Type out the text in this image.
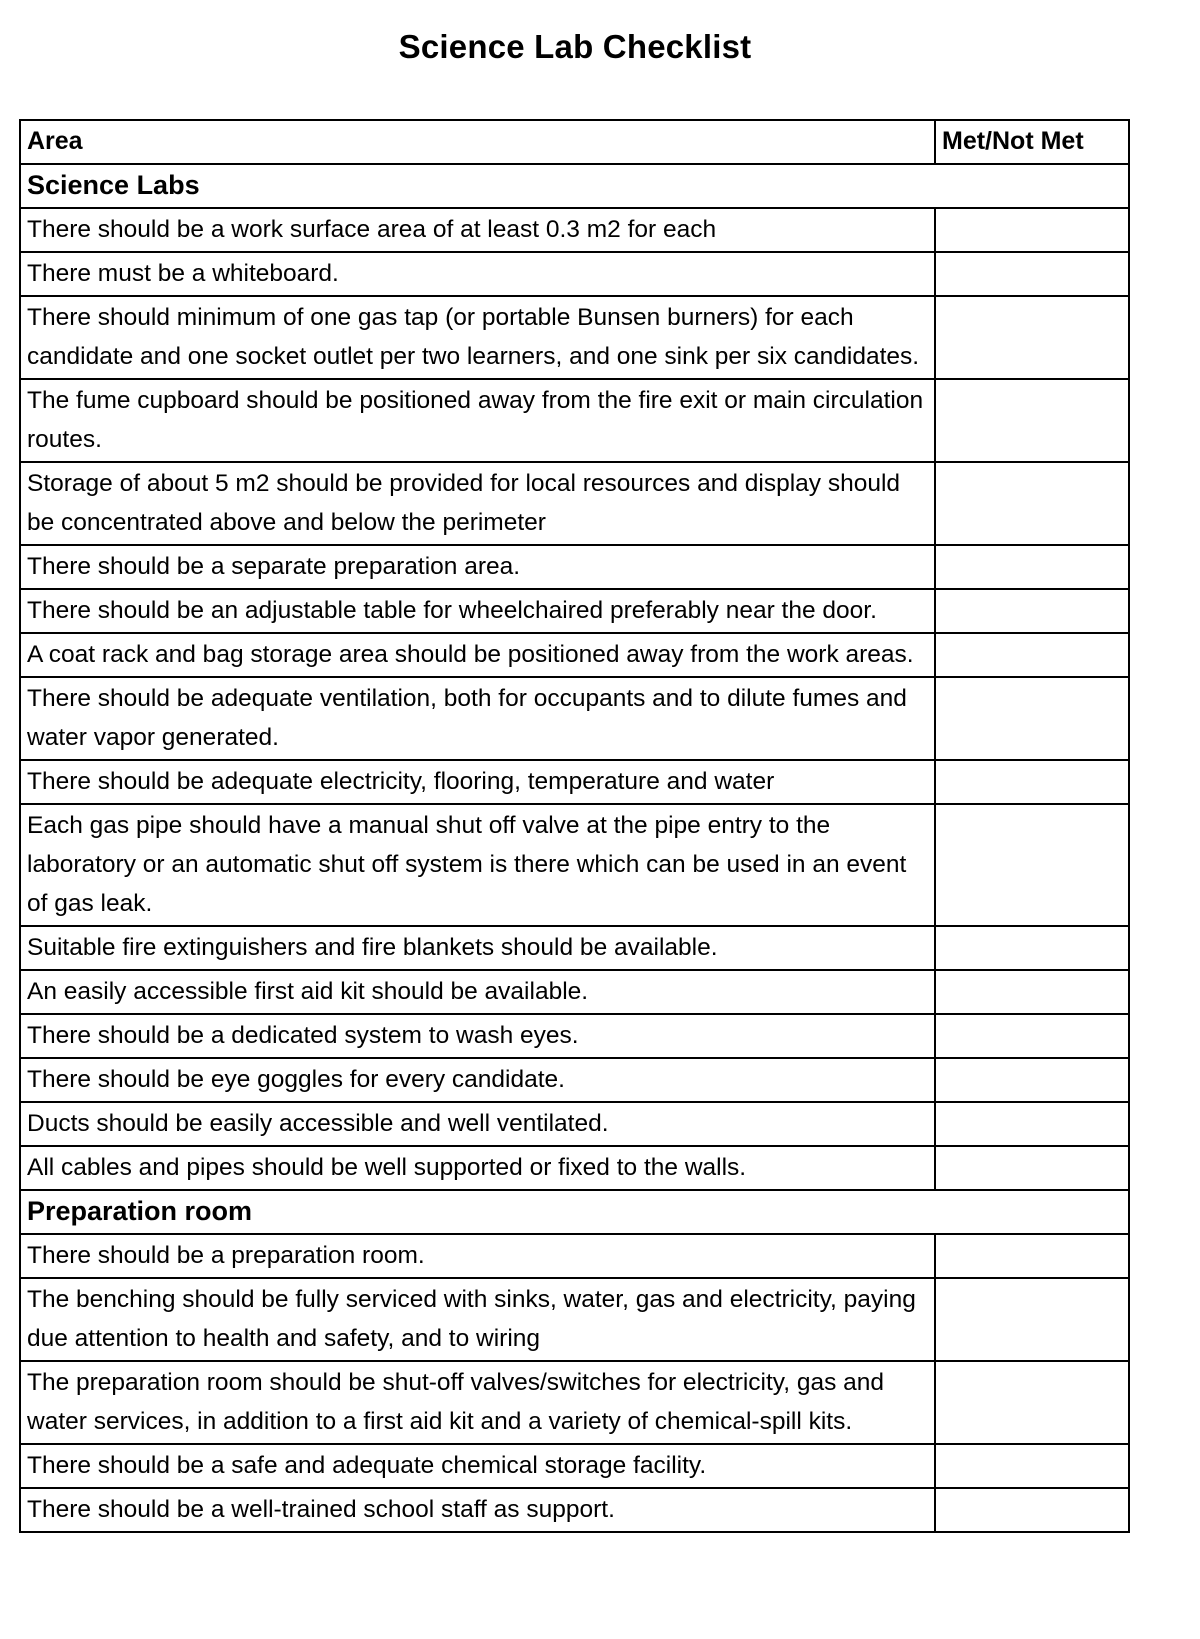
Science Lab Checklist
Area	Met/Not Met
Science Labs	
There should be a work surface area of at least 0.3 m2 for each	
There must be a whiteboard.	
There should minimum of one gas tap (or portable Bunsen burners) for each candidate and one socket outlet per two learners, and one sink per six candidates.	
The fume cupboard should be positioned away from the fire exit or main circulation routes.	
Storage of about 5 m2 should be provided for local resources and display should be concentrated above and below the perimeter	
There should be a separate preparation area.	
There should be an adjustable table for wheelchaired preferably near the door.	
A coat rack and bag storage area should be positioned away from the work areas.	
There should be adequate ventilation, both for occupants and to dilute fumes and water vapor generated.	
There should be adequate electricity, flooring, temperature and water	
Each gas pipe should have a manual shut off valve at the pipe entry to the laboratory or an automatic shut off system is there which can be used in an event of gas leak.	
Suitable fire extinguishers and fire blankets should be available.	
An easily accessible first aid kit should be available.	
There should be a dedicated system to wash eyes.	
There should be eye goggles for every candidate.	
Ducts should be easily accessible and well ventilated.	
All cables and pipes should be well supported or fixed to the walls.	
Preparation room	
There should be a preparation room.	
The benching should be fully serviced with sinks, water, gas and electricity, paying due attention to health and safety, and to wiring	
The preparation room should be shut-off valves/switches for electricity, gas and water services, in addition to a first aid kit and a variety of chemical-spill kits.	
There should be a safe and adequate chemical storage facility.	
There should be a well-trained school staff as support.	
